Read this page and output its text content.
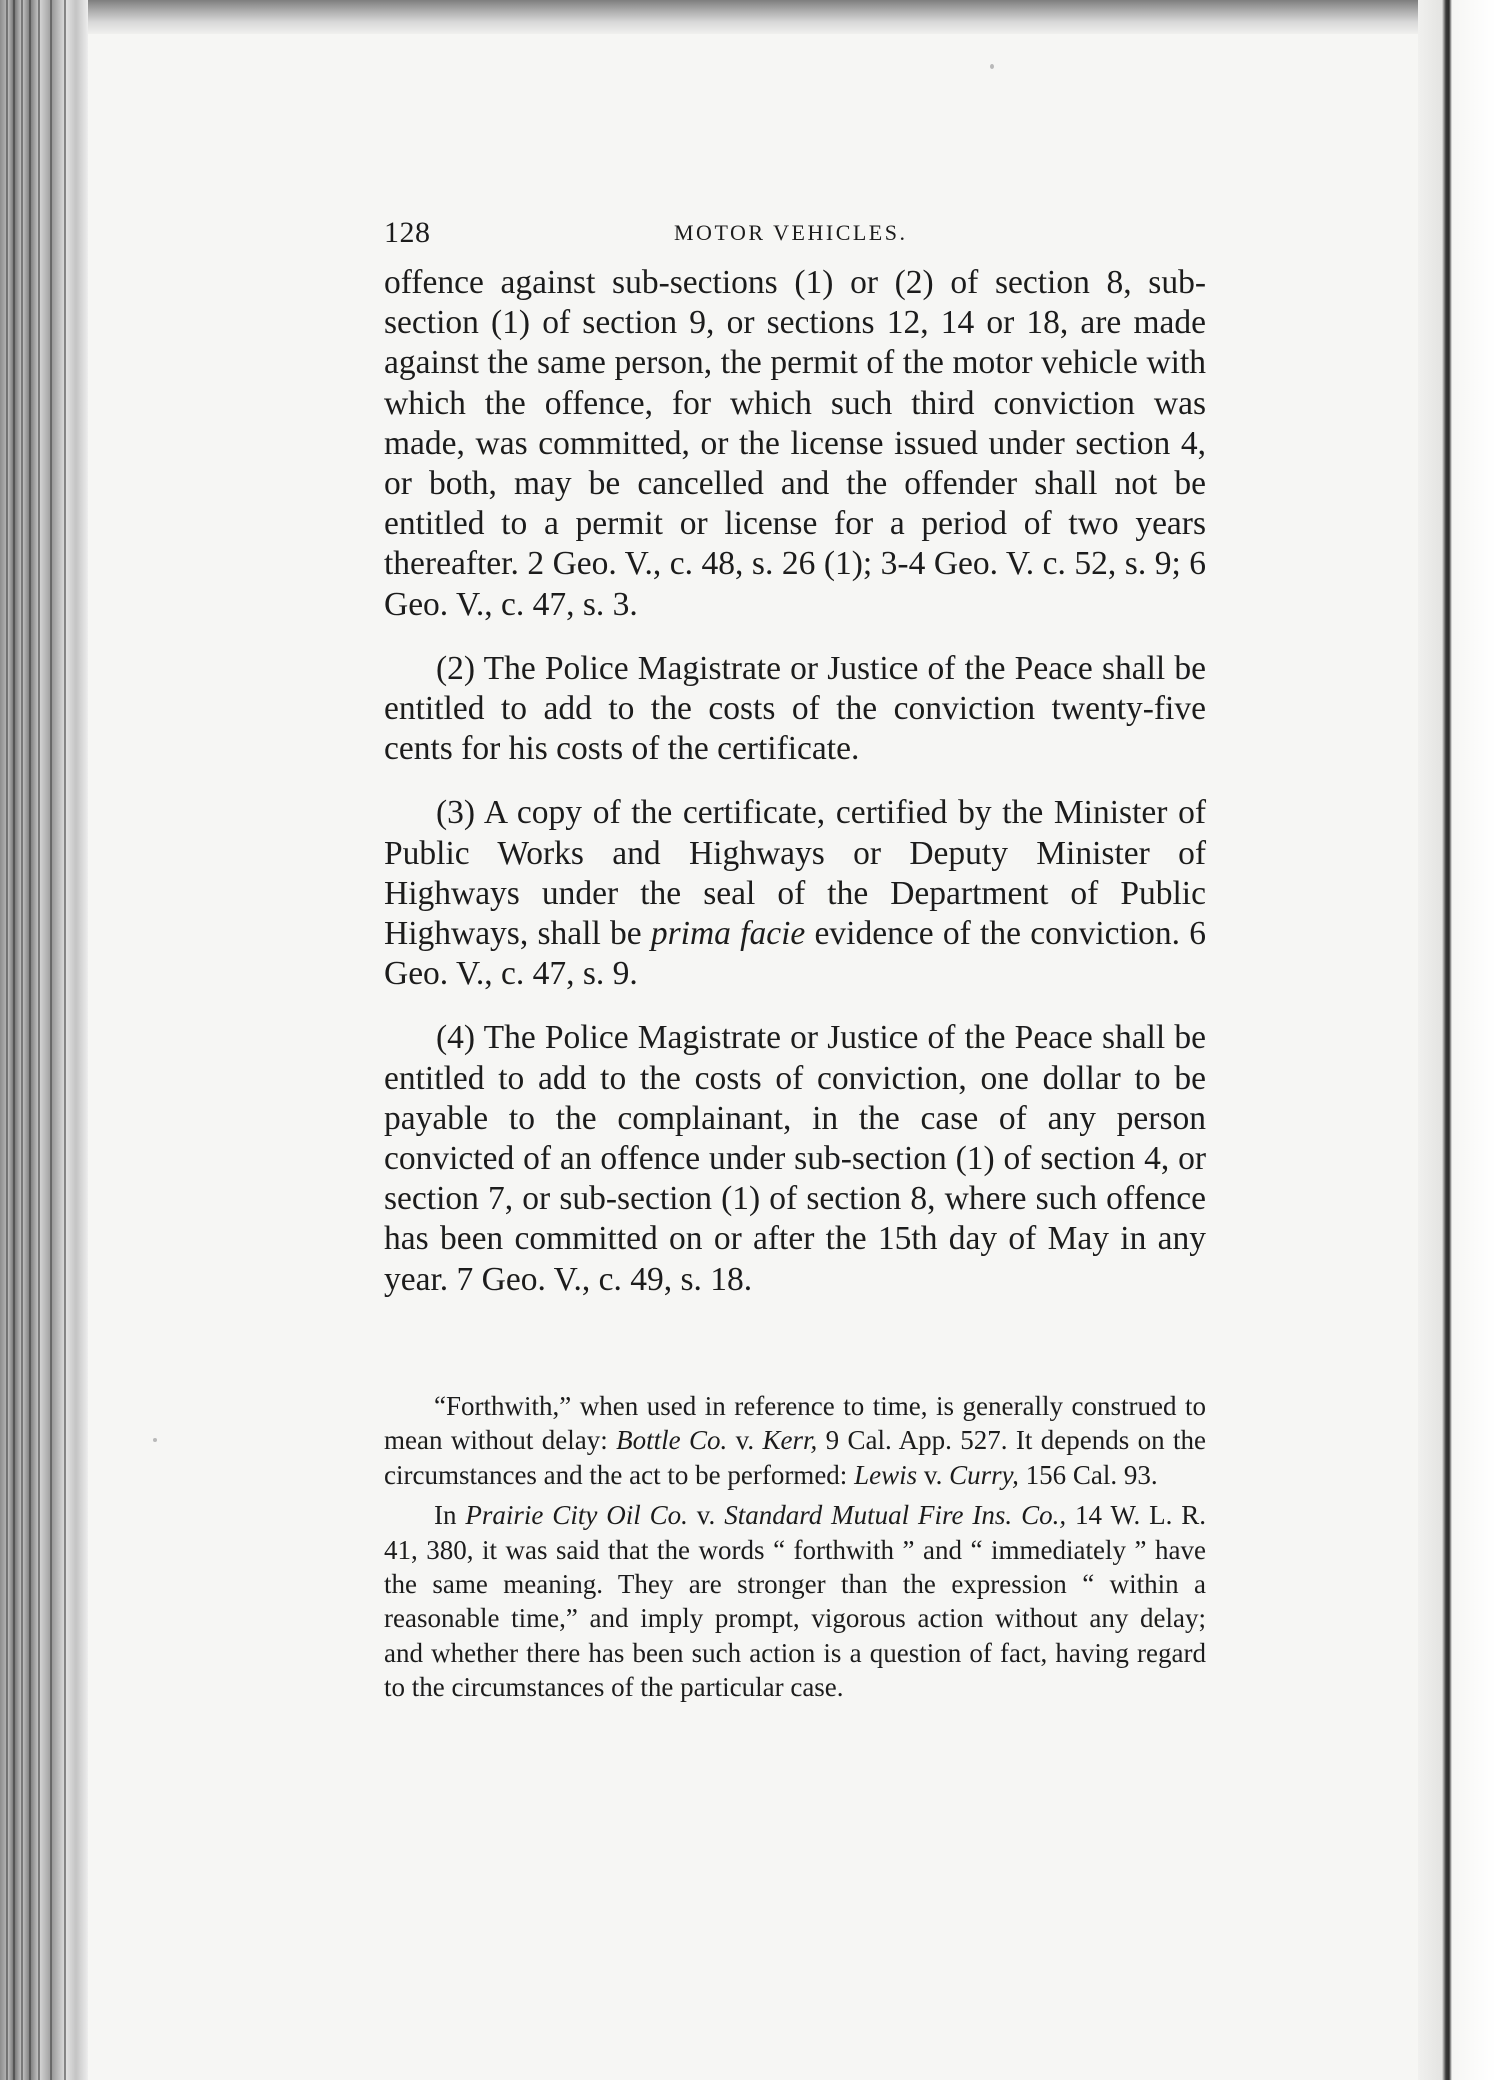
128	MOTOR VEHICLES.

offence against sub-sections (1) or (2) of section 8, sub-section (1) of section 9, or sections 12, 14 or 18, are made against the same person, the permit of the motor vehicle with which the offence, for which such third conviction was made, was committed, or the license issued under section 4, or both, may be cancelled and the offender shall not be entitled to a permit or license for a period of two years thereafter. 2 Geo. V., c. 48, s. 26 (1); 3-4 Geo. V. c. 52, s. 9; 6 Geo. V., c. 47, s. 3.

(2) The Police Magistrate or Justice of the Peace shall be entitled to add to the costs of the conviction twenty-five cents for his costs of the certificate.

(3) A copy of the certificate, certified by the Minister of Public Works and Highways or Deputy Minister of Highways under the seal of the Department of Public Highways, shall be prima facie evidence of the conviction. 6 Geo. V., c. 47, s. 9.

(4) The Police Magistrate or Justice of the Peace shall be entitled to add to the costs of conviction, one dollar to be payable to the complainant, in the case of any person convicted of an offence under sub-section (1) of section 4, or section 7, or sub-section (1) of section 8, where such offence has been committed on or after the 15th day of May in any year. 7 Geo. V., c. 49, s. 18.

“Forthwith,” when used in reference to time, is generally construed to mean without delay: Bottle Co. v. Kerr, 9 Cal. App. 527. It depends on the circumstances and the act to be performed: Lewis v. Curry, 156 Cal. 93.

In Prairie City Oil Co. v. Standard Mutual Fire Ins. Co., 14 W. L. R. 41, 380, it was said that the words “ forthwith ” and “ immediately ” have the same meaning. They are stronger than the expression “ within a reasonable time,” and imply prompt, vigorous action without any delay; and whether there has been such action is a question of fact, having regard to the circumstances of the particular case.
